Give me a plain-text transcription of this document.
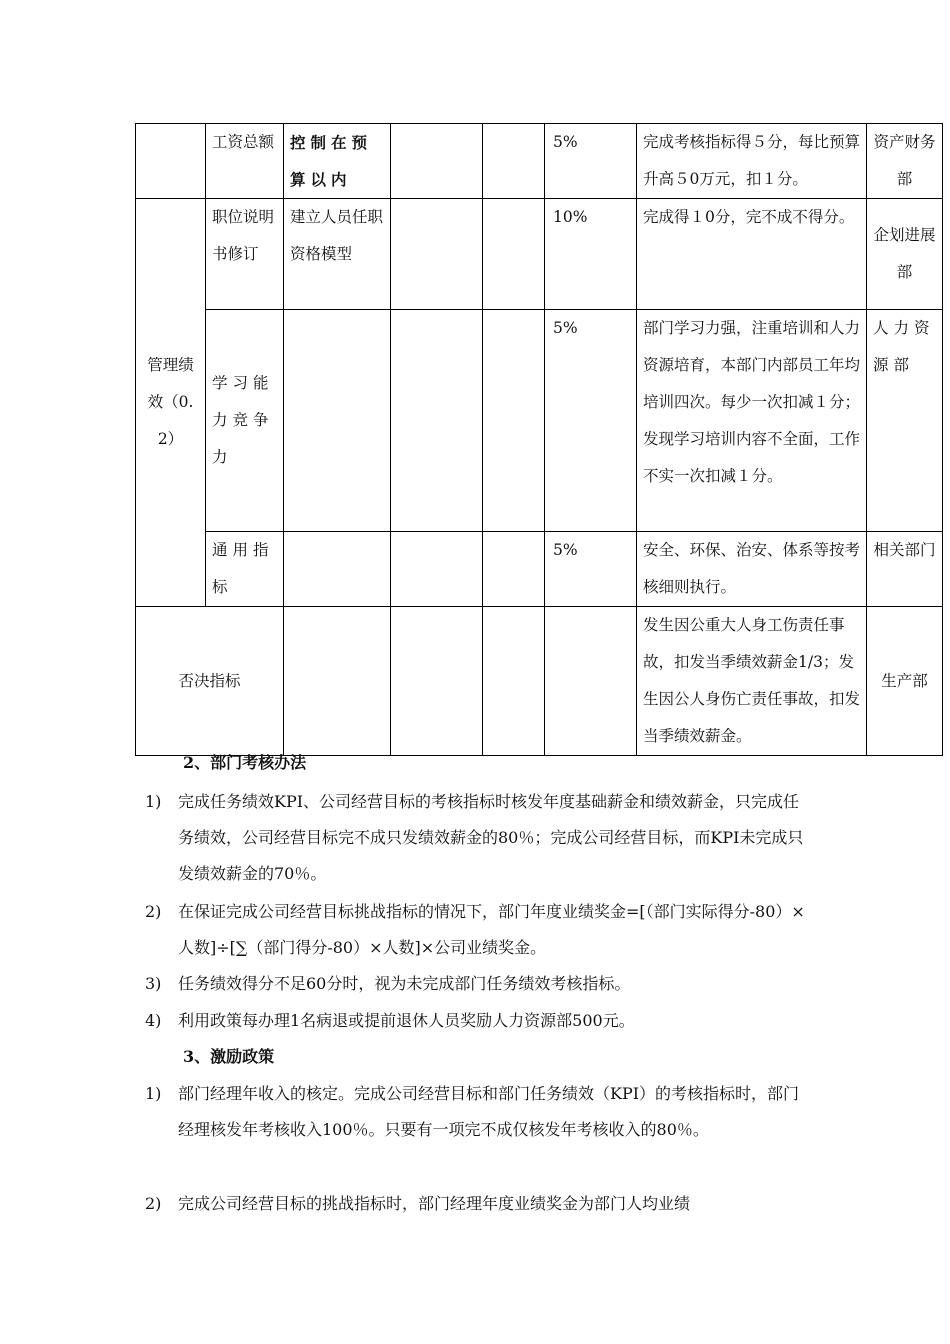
	工资总额	控制在预算以内			5%	完成考核指标得５分，每比预算升高５0万元，扣１分。	资产财务部
管理绩效（0.2）	职位说明书修订	建立人员任职资格模型			10%	完成得１0分，完不成不得分。	企划进展部
	学习能力竞争力				5%	部门学习力强，注重培训和人力资源培育，本部门内部员工年均培训四次。每少一次扣减１分；发现学习培训内容不全面，工作不实一次扣减１分。	人力资源部
	通用指标				5%	安全、环保、治安、体系等按考核细则执行。	相关部门
否决指标						发生因公重大人身工伤责任事故，扣发当季绩效薪金1/3；发生因公人身伤亡责任事故，扣发当季绩效薪金。	生产部
2、部门考核办法
1)	完成任务绩效KPI、公司经营目标的考核指标时核发年度基础薪金和绩效薪金，只完成任务绩效，公司经营目标完不成只发绩效薪金的80％；完成公司经营目标，而KPI未完成只发绩效薪金的70％。
2)	在保证完成公司经营目标挑战指标的情况下，部门年度业绩奖金=[（部门实际得分-80）×人数]÷[∑（部门得分-80）×人数]×公司业绩奖金。
3)	任务绩效得分不足60分时，视为未完成部门任务绩效考核指标。
4)	利用政策每办理1名病退或提前退休人员奖励人力资源部500元。
3、激励政策
1)	部门经理年收入的核定。完成公司经营目标和部门任务绩效（KPI）的考核指标时，部门经理核发年考核收入100％。只要有一项完不成仅核发年考核收入的80％。
2)	完成公司经营目标的挑战指标时，部门经理年度业绩奖金为部门人均业绩
